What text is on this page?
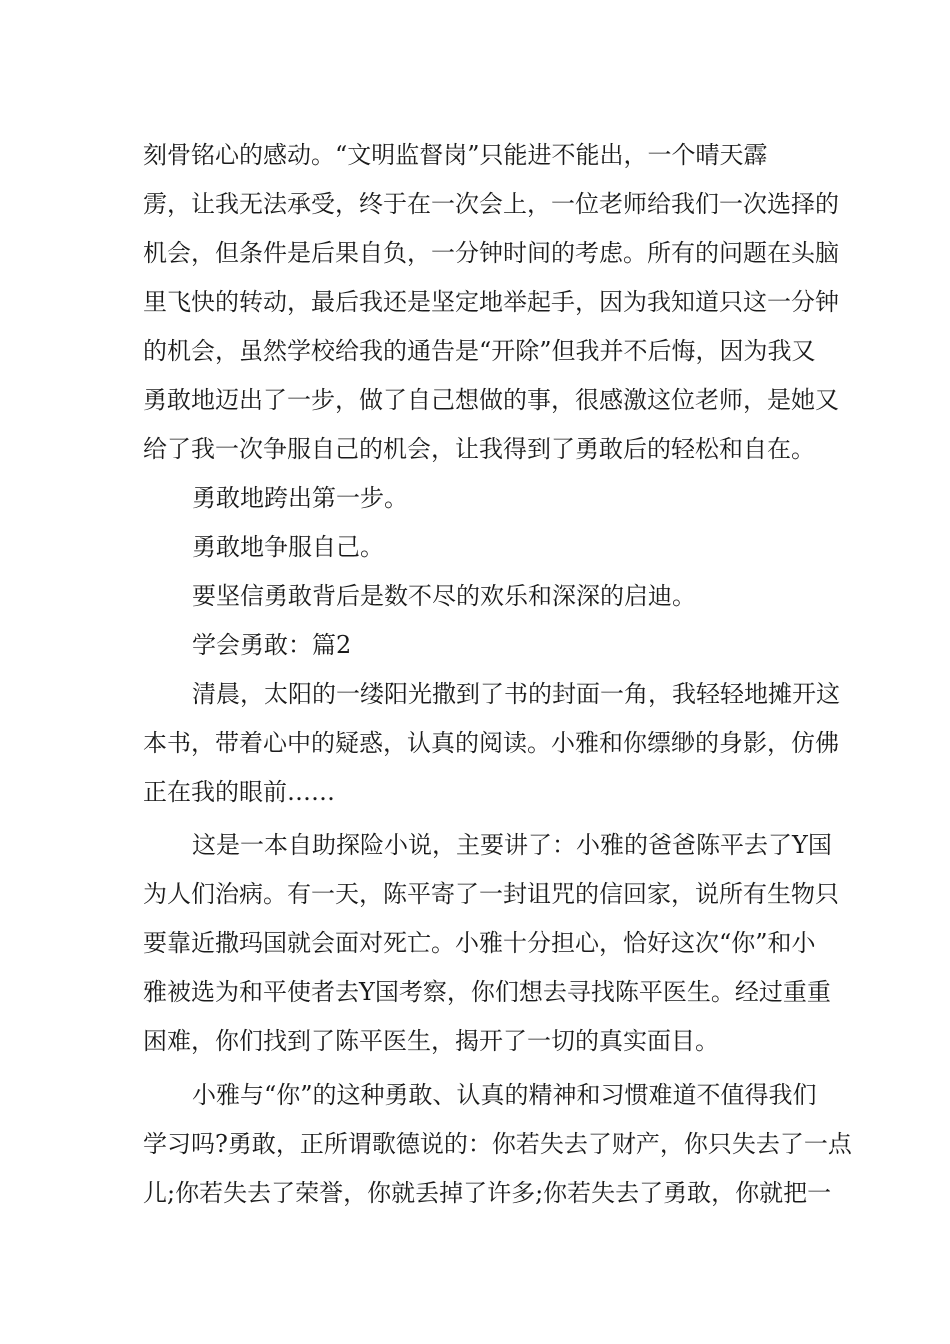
刻骨铭心的感动。“文明监督岗”只能进不能出，一个晴天霹

雳，让我无法承受，终于在一次会上，一位老师给我们一次选择的

机会，但条件是后果自负，一分钟时间的考虑。所有的问题在头脑

里飞快的转动，最后我还是坚定地举起手，因为我知道只这一分钟

的机会，虽然学校给我的通告是“开除”但我并不后悔，因为我又

勇敢地迈出了一步，做了自己想做的事，很感激这位老师，是她又

给了我一次争服自己的机会，让我得到了勇敢后的轻松和自在。

勇敢地跨出第一步。

勇敢地争服自己。

要坚信勇敢背后是数不尽的欢乐和深深的启迪。

学会勇敢：篇2

清晨，太阳的一缕阳光撒到了书的封面一角，我轻轻地摊开这

本书，带着心中的疑惑，认真的阅读。小雅和你缥缈的身影，仿佛

正在我的眼前……

这是一本自助探险小说，主要讲了：小雅的爸爸陈平去了Y国

为人们治病。有一天，陈平寄了一封诅咒的信回家，说所有生物只

要靠近撒玛国就会面对死亡。小雅十分担心，恰好这次“你”和小

雅被选为和平使者去Y国考察，你们想去寻找陈平医生。经过重重

困难，你们找到了陈平医生，揭开了一切的真实面目。

小雅与“你”的这种勇敢、认真的精神和习惯难道不值得我们

学习吗?勇敢，正所谓歌德说的：你若失去了财产，你只失去了一点

儿;你若失去了荣誉，你就丢掉了许多;你若失去了勇敢，你就把一
